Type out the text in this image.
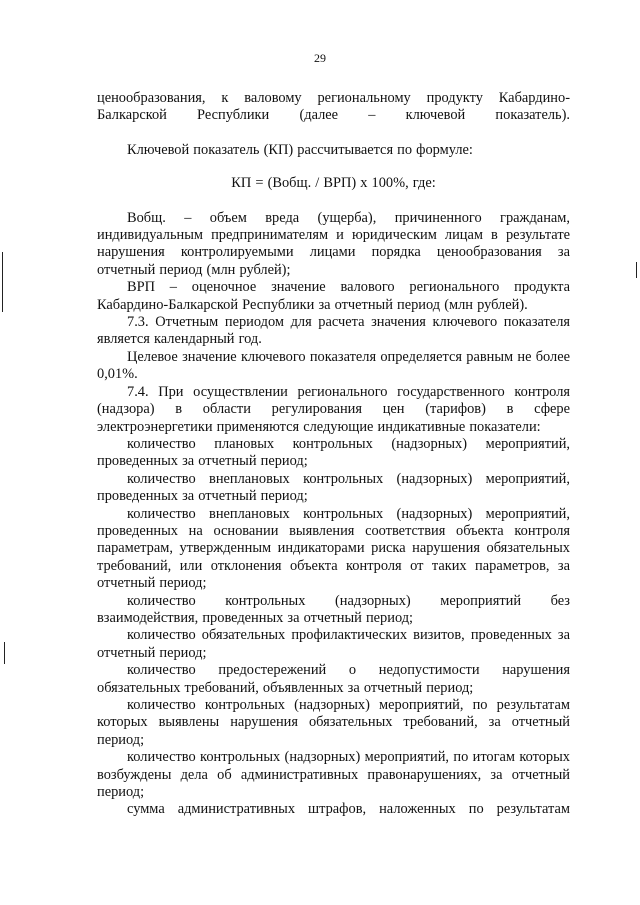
29

ценообразования, к валовому региональному продукту Кабардино-Балкарской Республики (далее – ключевой показатель).

Ключевой показатель (КП) рассчитывается по формуле:

КП = (Вобщ. / ВРП) x 100%, где:

Вобщ. – объем вреда (ущерба), причиненного гражданам, индивидуальным предпринимателям и юридическим лицам в результате нарушения контролируемыми лицами порядка ценообразования за отчетный период (млн рублей);

ВРП – оценочное значение валового регионального продукта Кабардино-Балкарской Республики за отчетный период (млн рублей).

7.3. Отчетным периодом для расчета значения ключевого показателя является календарный год.

Целевое значение ключевого показателя определяется равным не более 0,01%.

7.4. При осуществлении регионального государственного контроля (надзора) в области регулирования цен (тарифов) в сфере электроэнергетики применяются следующие индикативные показатели:

количество плановых контрольных (надзорных) мероприятий, проведенных за отчетный период;

количество внеплановых контрольных (надзорных) мероприятий, проведенных за отчетный период;

количество внеплановых контрольных (надзорных) мероприятий, проведенных на основании выявления соответствия объекта контроля параметрам, утвержденным индикаторами риска нарушения обязательных требований, или отклонения объекта контроля от таких параметров, за отчетный период;

количество контрольных (надзорных) мероприятий без взаимодействия, проведенных за отчетный период;

количество обязательных профилактических визитов, проведенных за отчетный период;

количество предостережений о недопустимости нарушения обязательных требований, объявленных за отчетный период;

количество контрольных (надзорных) мероприятий, по результатам которых выявлены нарушения обязательных требований, за отчетный период;

количество контрольных (надзорных) мероприятий, по итогам которых возбуждены дела об административных правонарушениях, за отчетный период;

сумма административных штрафов, наложенных по результатам
